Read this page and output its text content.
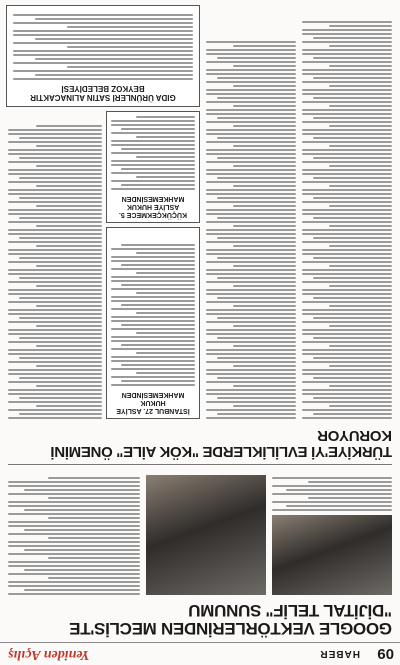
09
HABER
Yeniden Açılış
GOOGLE VEKTÖRLERİNDEN MECLİS'TE "DİJİTAL TELİF" SUNUMU
TÜRKİYE'Yİ EVLİLİKLERDE "KÖK AİLE" ÖNEMİNİ KORUYOR
İSTANBUL 27. ASLİYE HUKUK MAHKEMESİNDEN
KÜÇÜKÇEKMECE 5. ASLİYE HUKUK MAHKEMESİNDEN
GIDA ÜRÜNLERİ SATIN ALINACAKTIR BEYKOZ BELEDİYESİ
